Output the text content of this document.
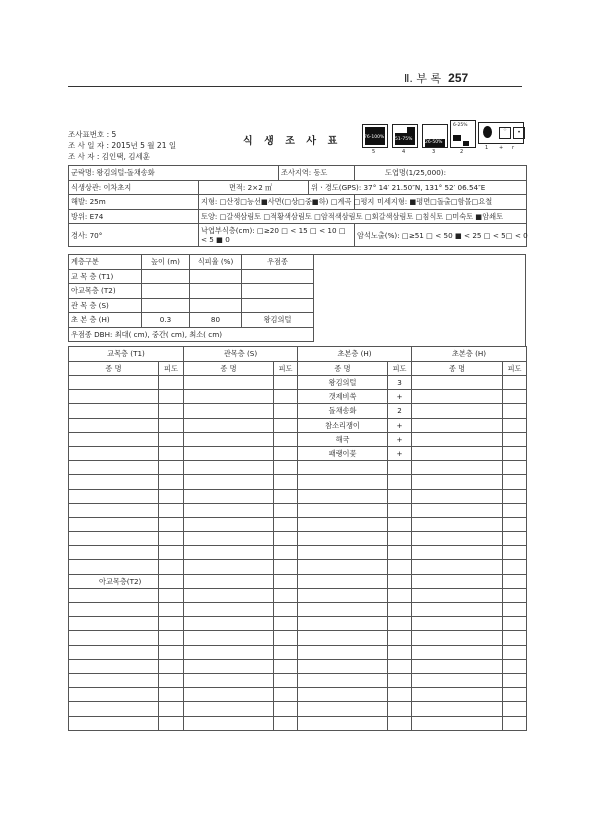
Ⅱ. 부 록 257
조사표번호 : 5
조 사 일 자 : 2015년 5 월 21 일
조 사 자 : 김인택, 김세훈
식 생 조 사 표	76-100% 51-75%
26-50%
6-25%
⁘	•
5	4	3	2
1 + r
군락명: 왕김의털-돌채송화		조사지역: 동도		도엽명(1/25,000):
식생상관: 이차초지	면적: 2×2 ㎡		위ㆍ경도(GPS): 37° 14′ 21.50″N, 131° 52′ 06.54″E	
해발: 25m	지형: □산정□능선■사면(□상□중■하) □계곡 □평지			미세지형: ■평면□돌출□함몰□요철
방위: E74	토양: □갈색삼림토 □적황색삼림토 □암적색삼림토 □회갈색삼림토 □침식토 □미숙토 ■암쇄토			
경사: 70°	낙엽부식층(cm): □≥20 □ < 15 □ < 10 □ < 5 ■ 0			암석노출(%): □≥51 □ < 50 ■ < 25 □ < 5□ < 0
계층구분	높이 (m)	식피율 (%)	우점종
교 목 층 (T1)			
아교목층 (T2)			
관 목 층 (S)			
초 본 층 (H)	0.3	80	왕김의털
우점종 DBH: 최대( cm), 중간( cm), 최소( cm)			
교목층 (T1)		관목층 (S)		초본층 (H)		초본층 (H)	
종 명	피도	종 명	피도	종 명	피도	종 명	피도
				왕김의털	3		
				갯제비쑥	+		
				돌채송화	2		
				참소리쟁이	+		
				해국	+		
				패랭이꽃	+		

아교목층(T2)							
